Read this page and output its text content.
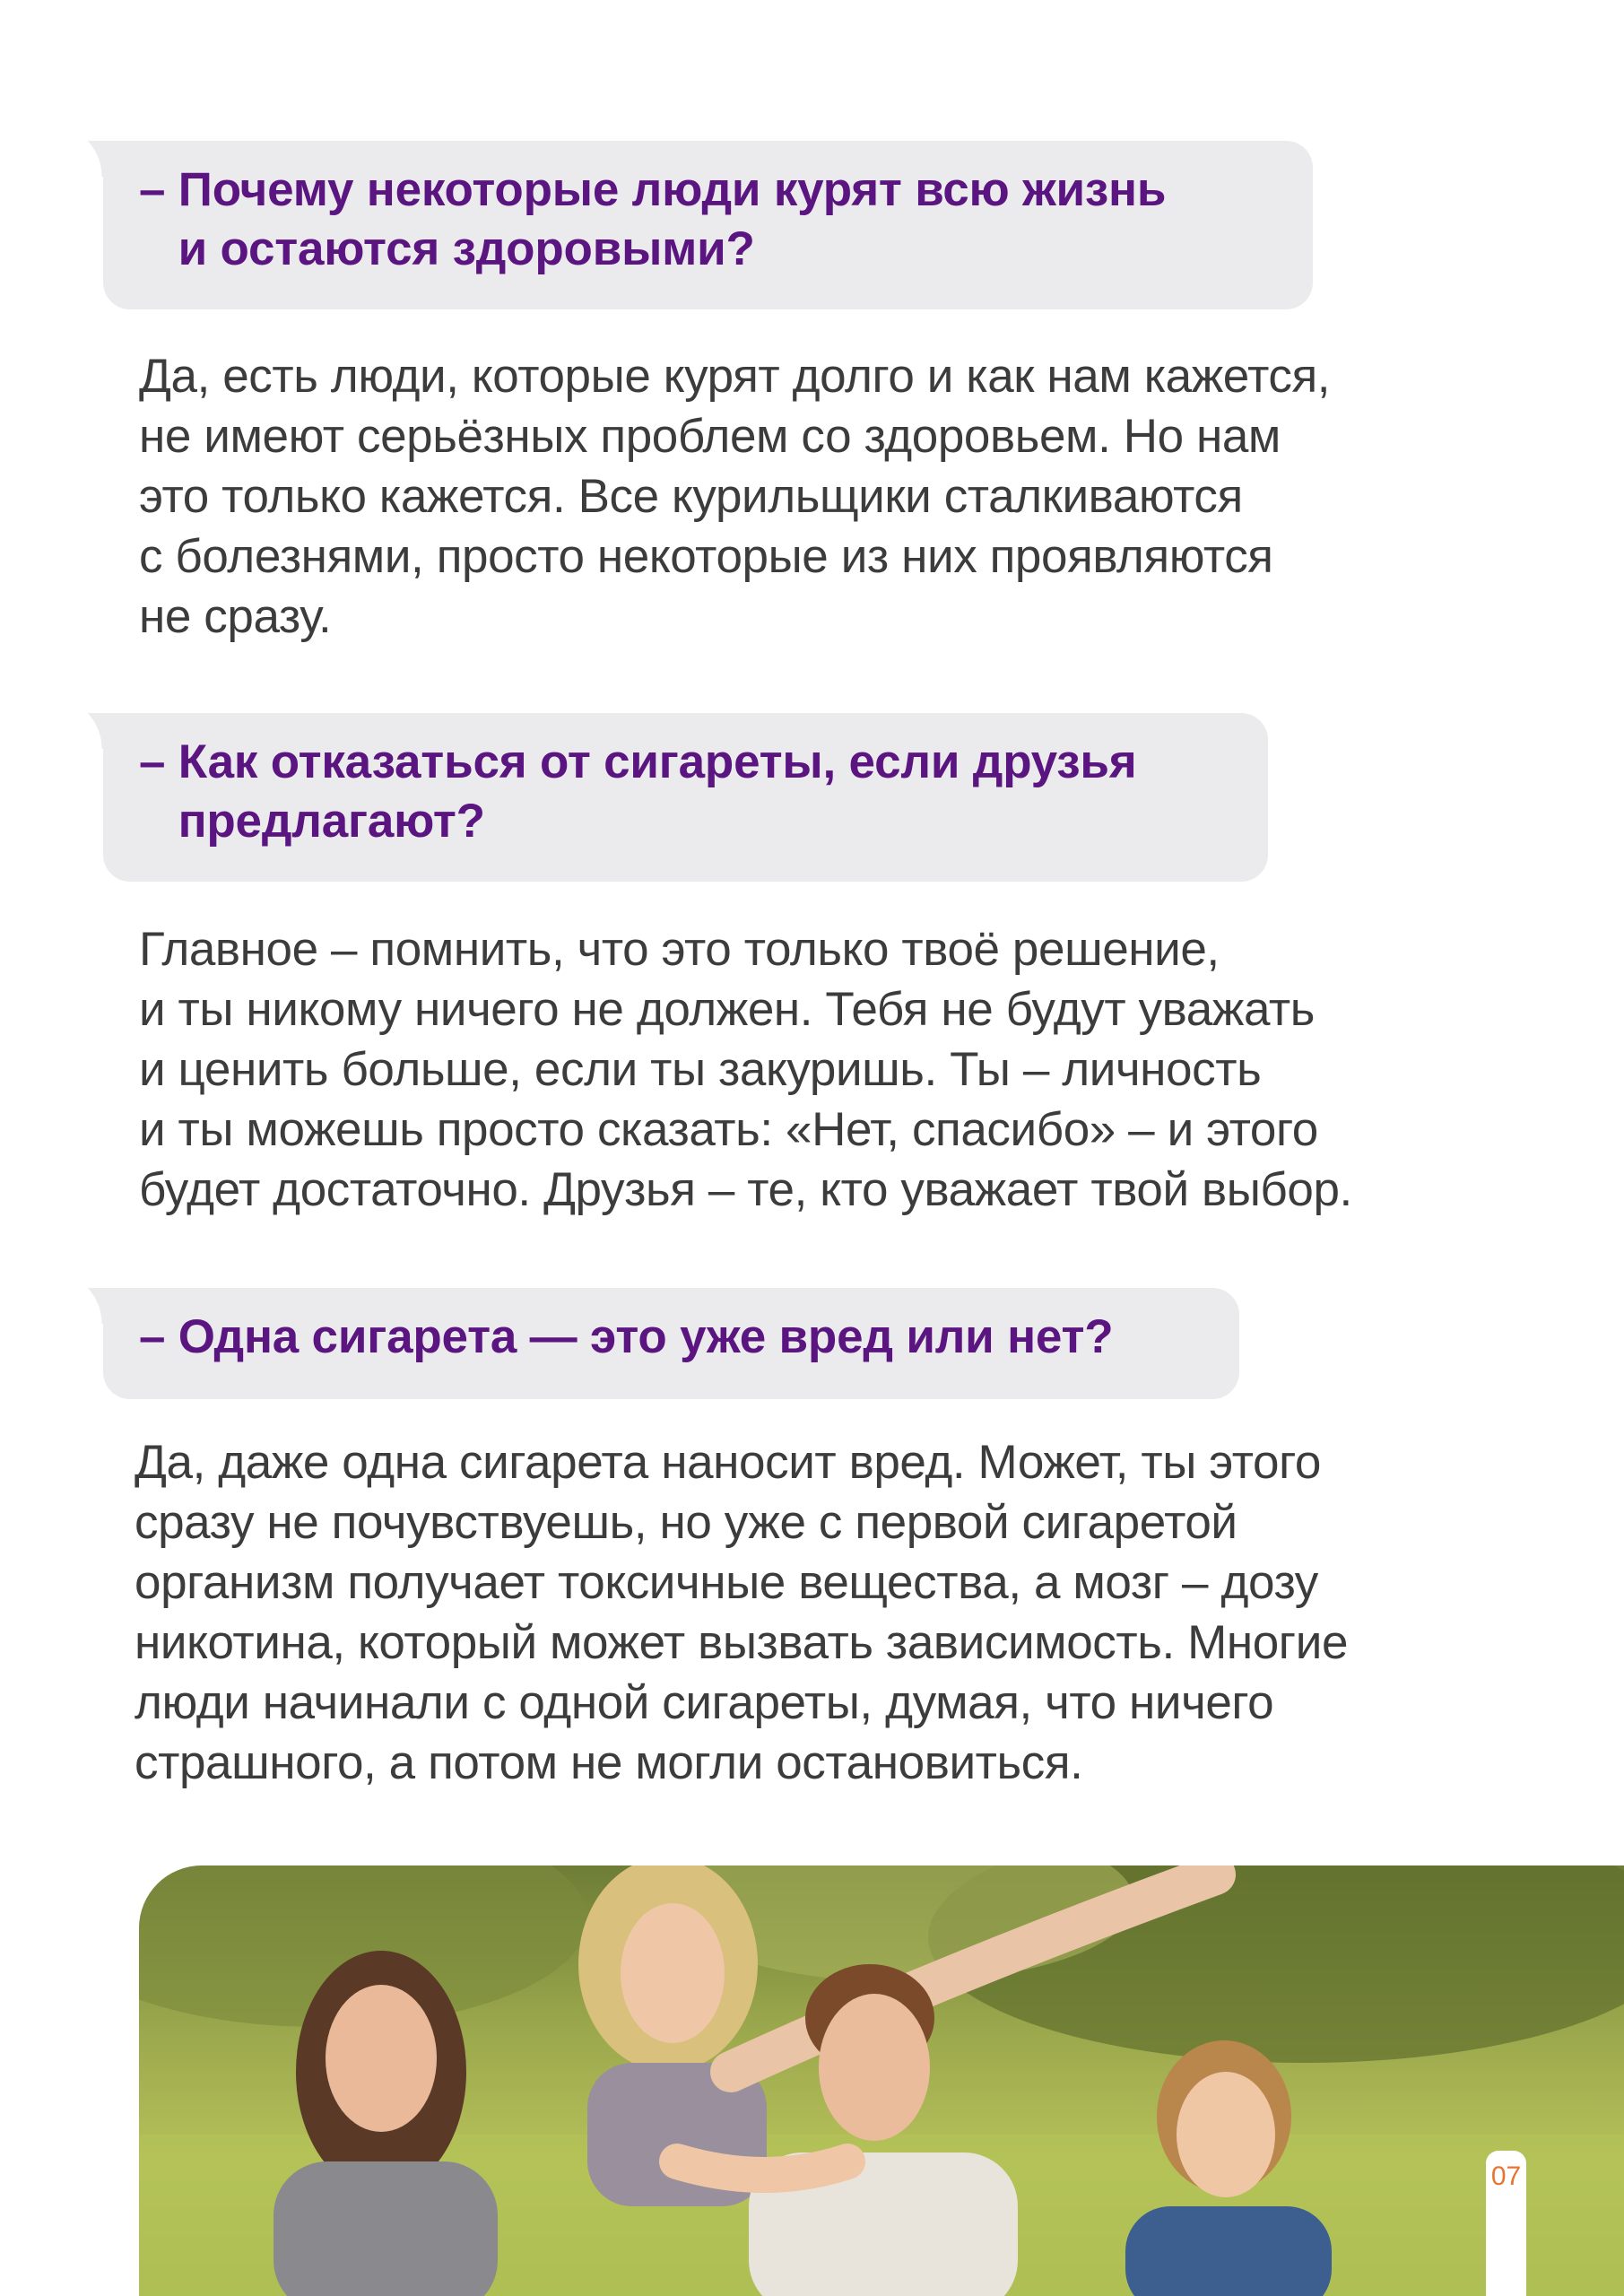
– Почему некоторые люди курят всю жизнь
и остаются здоровыми?
Да, есть люди, которые курят долго и как нам кажется,
не имеют серьёзных проблем со здоровьем. Но нам
это только кажется. Все курильщики сталкиваются
с болезнями, просто некоторые из них проявляются
не сразу.
– Как отказаться от сигареты, если друзья
предлагают?
Главное – помнить, что это только твоё решение,
и ты никому ничего не должен. Тебя не будут уважать
и ценить больше, если ты закуришь. Ты – личность
и ты можешь просто сказать: «Нет, спасибо» – и этого
будет достаточно. Друзья – те, кто уважает твой выбор.
– Одна сигарета — это уже вред или нет?
Да, даже одна сигарета наносит вред. Может, ты этого
сразу не почувствуешь, но уже с первой сигаретой
организм получает токсичные вещества, а мозг – дозу
никотина, который может вызвать зависимость. Многие
люди начинали с одной сигареты, думая, что ничего
страшного, а потом не могли остановиться.
07
